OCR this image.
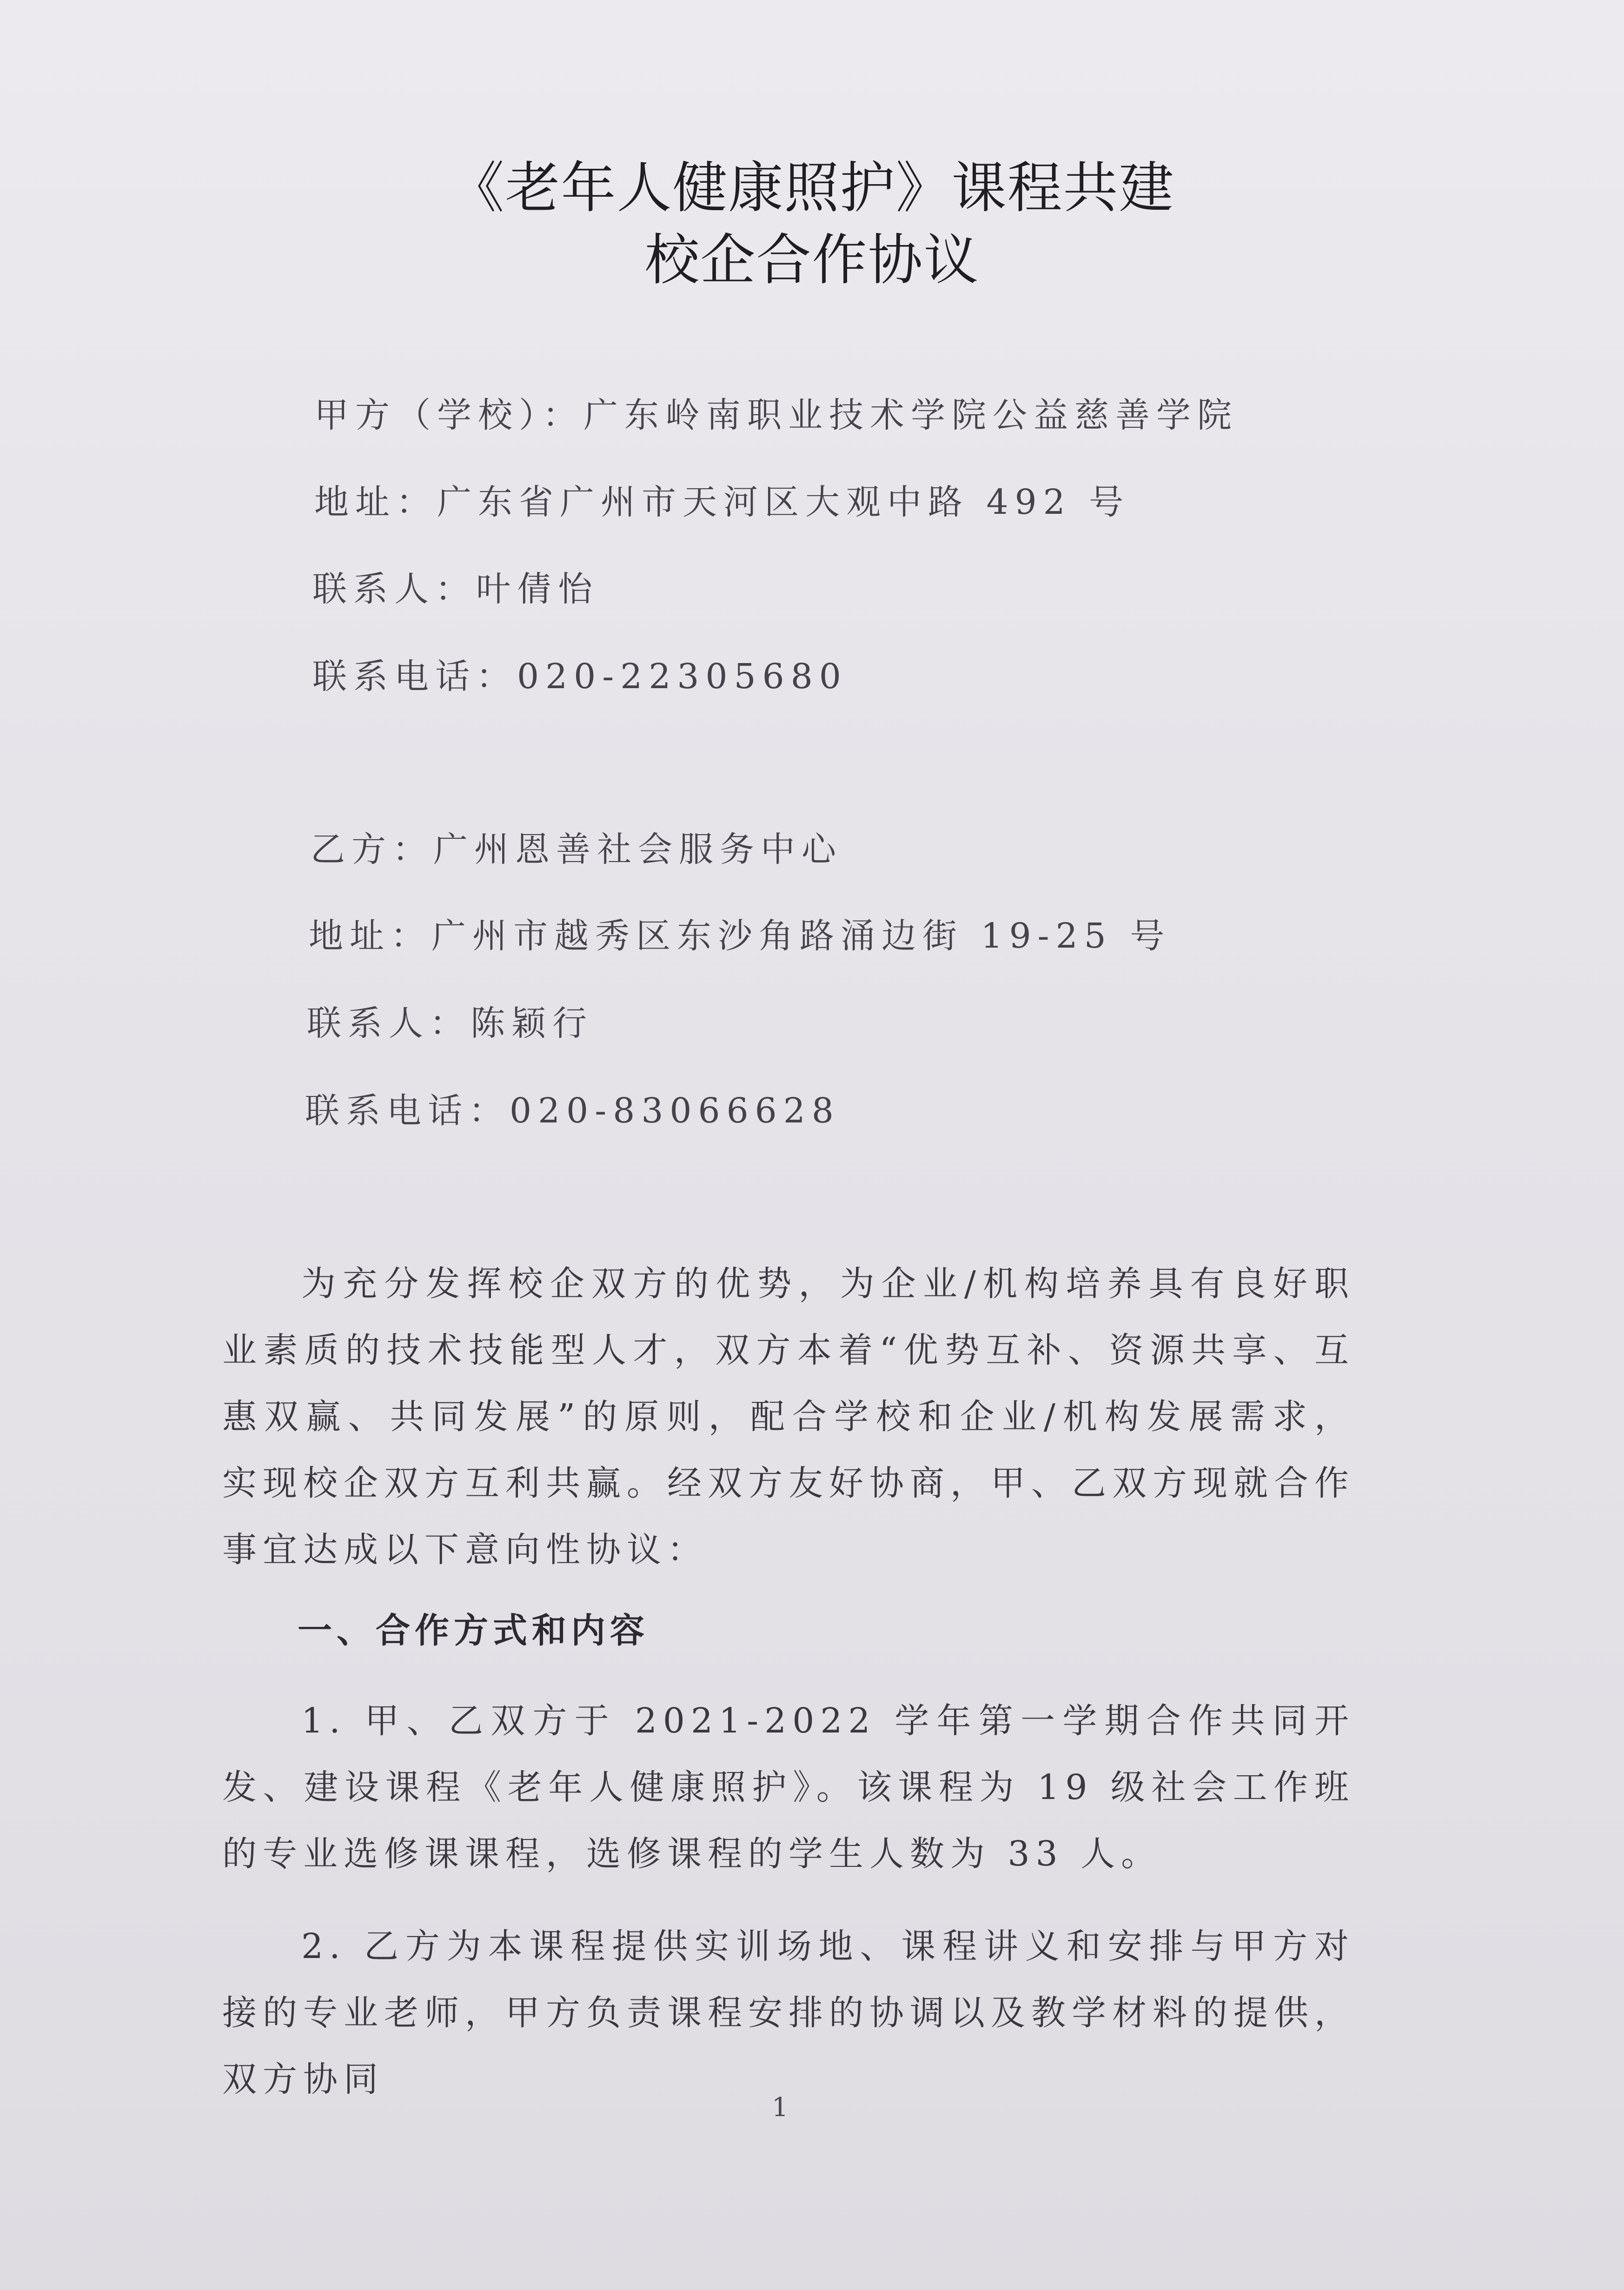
《老年人健康照护》课程共建
校企合作协议
甲方（学校）：广东岭南职业技术学院公益慈善学院
地址：广东省广州市天河区大观中路 492 号
联系人：叶倩怡
联系电话：020-22305680
乙方：广州恩善社会服务中心
地址：广州市越秀区东沙角路涌边街 19-25 号
联系人：陈颖行
联系电话：020-83066628
为充分发挥校企双方的优势，为企业/机构培养具有良好职业素质的技术技能型人才，双方本着“优势互补、资源共享、互惠双赢、共同发展”的原则，配合学校和企业/机构发展需求，实现校企双方互利共赢。经双方友好协商，甲、乙双方现就合作事宜达成以下意向性协议：
一、合作方式和内容
1. 甲、乙双方于 2021-2022 学年第一学期合作共同开发、建设课程《老年人健康照护》。该课程为 19 级社会工作班的专业选修课课程，选修课程的学生人数为 33 人。
2. 乙方为本课程提供实训场地、课程讲义和安排与甲方对接的专业老师，甲方负责课程安排的协调以及教学材料的提供，双方协同
1
